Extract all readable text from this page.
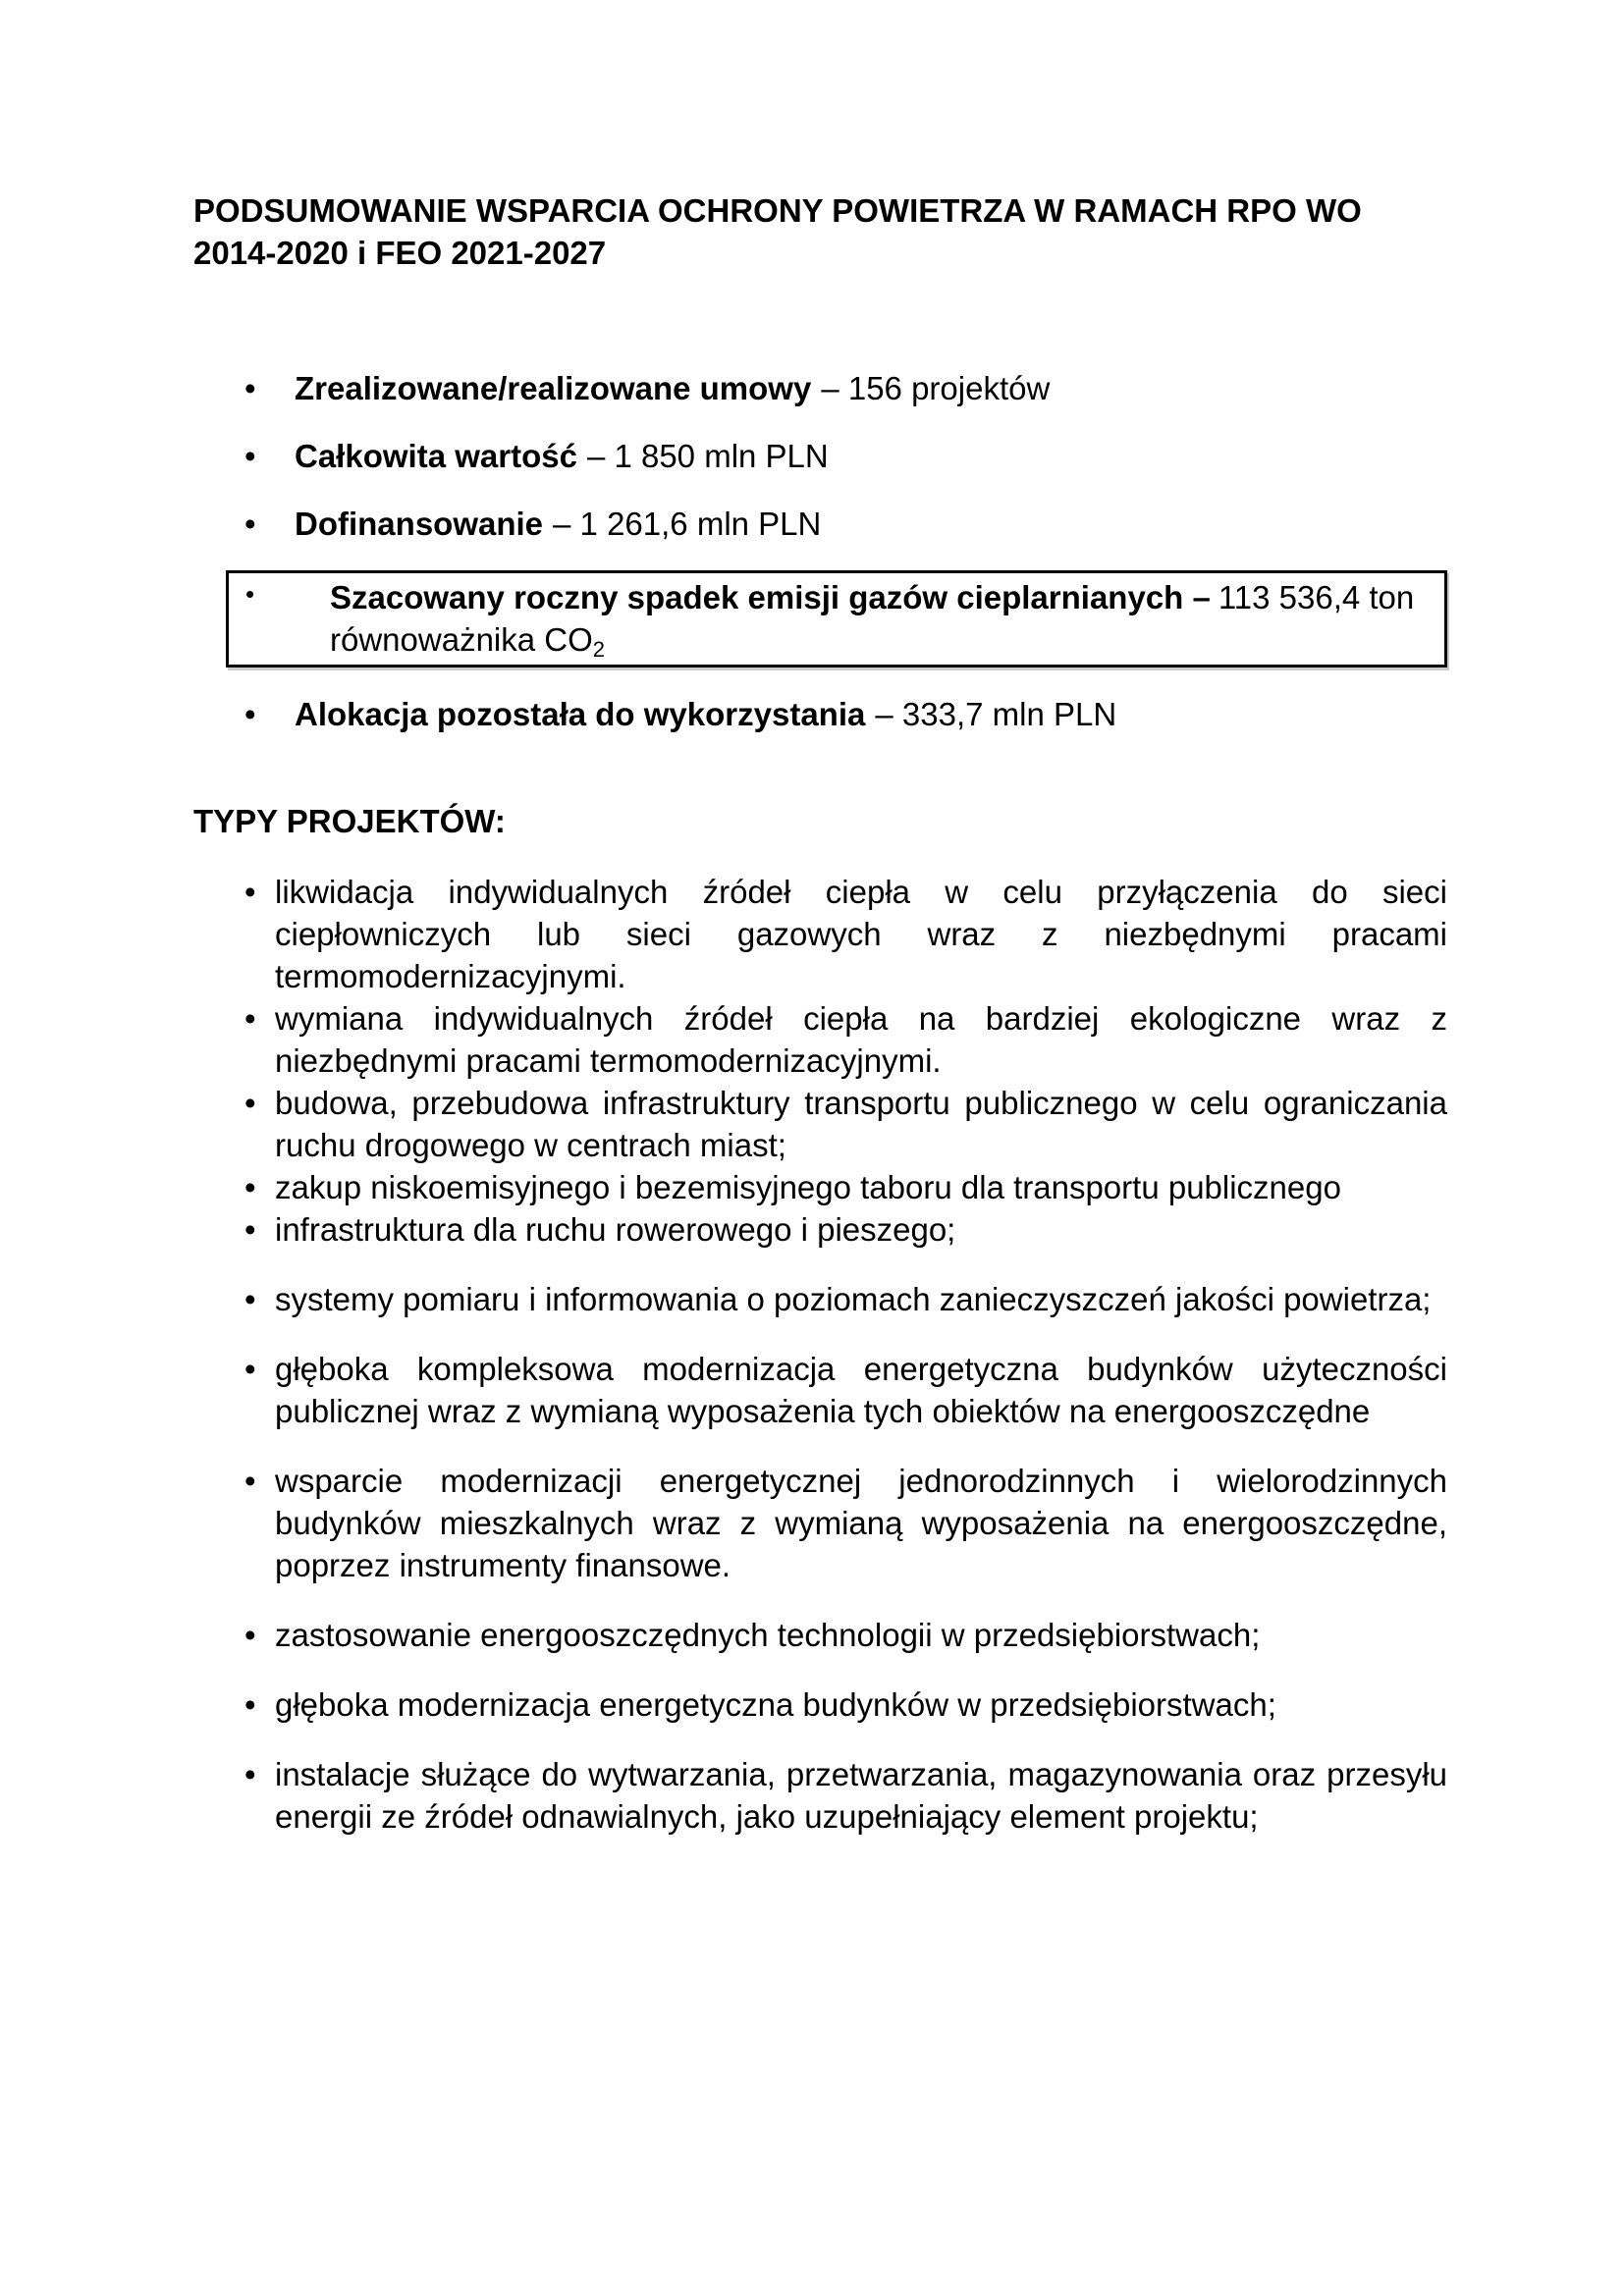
PODSUMOWANIE WSPARCIA OCHRONY POWIETRZA W RAMACH RPO WO
2014-2020 i FEO 2021-2027
• Zrealizowane/realizowane umowy – 156 projektów
• Całkowita wartość – 1 850 mln PLN
• Dofinansowanie – 1 261,6 mln PLN
• Szacowany roczny spadek emisji gazów cieplarnianych – 113 536,4 ton równoważnika $CO_2$
• Alokacja pozostała do wykorzystania – 333,7 mln PLN
TYPY PROJEKTÓW:
• likwidacja indywidualnych źródeł ciepła w celu przyłączenia do sieci ciepłowniczych lub sieci gazowych wraz z niezbędnymi pracami termomodernizacyjnymi.
• wymiana indywidualnych źródeł ciepła na bardziej ekologiczne wraz z niezbędnymi pracami termomodernizacyjnymi.
• budowa, przebudowa infrastruktury transportu publicznego w celu ograniczania ruchu drogowego w centrach miast;
• zakup niskoemisyjnego i bezemisyjnego taboru dla transportu publicznego
• infrastruktura dla ruchu rowerowego i pieszego;
• systemy pomiaru i informowania o poziomach zanieczyszczeń jakości powietrza;
• głęboka kompleksowa modernizacja energetyczna budynków użyteczności publicznej wraz z wymianą wyposażenia tych obiektów na energooszczędne
• wsparcie modernizacji energetycznej jednorodzinnych i wielorodzinnych budynków mieszkalnych wraz z wymianą wyposażenia na energooszczędne, poprzez instrumenty finansowe.
• zastosowanie energooszczędnych technologii w przedsiębiorstwach;
• głęboka modernizacja energetyczna budynków w przedsiębiorstwach;
• instalacje służące do wytwarzania, przetwarzania, magazynowania oraz przesyłu energii ze źródeł odnawialnych, jako uzupełniający element projektu;
